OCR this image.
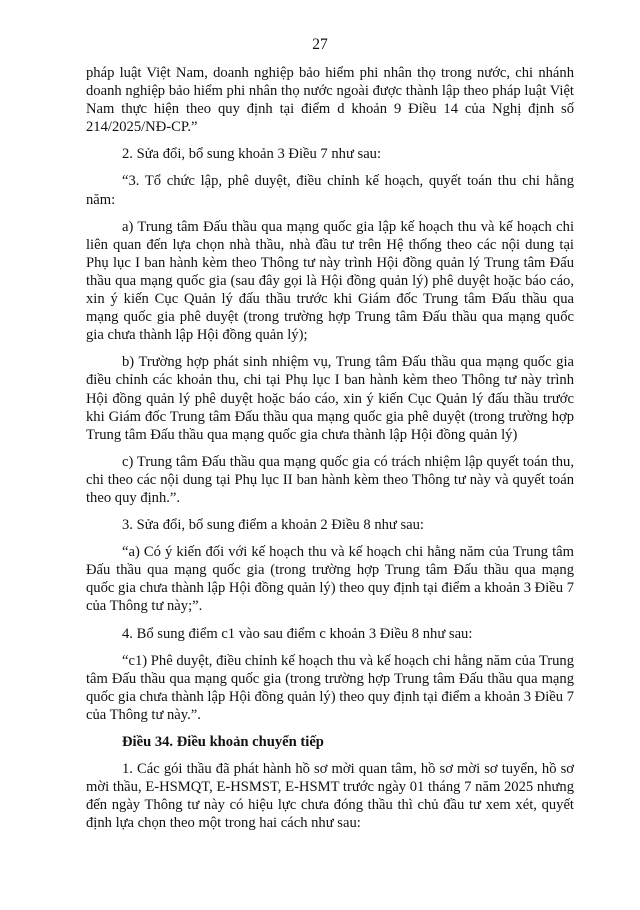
27

pháp luật Việt Nam, doanh nghiệp bảo hiểm phi nhân thọ trong nước, chi nhánh doanh nghiệp bảo hiểm phi nhân thọ nước ngoài được thành lập theo pháp luật Việt Nam thực hiện theo quy định tại điểm d khoản 9 Điều 14 của Nghị định số 214/2025/NĐ-CP.”

2. Sửa đổi, bổ sung khoản 3 Điều 7 như sau:

“3. Tổ chức lập, phê duyệt, điều chỉnh kế hoạch, quyết toán thu chi hằng năm:

a) Trung tâm Đấu thầu qua mạng quốc gia lập kế hoạch thu và kế hoạch chi liên quan đến lựa chọn nhà thầu, nhà đầu tư trên Hệ thống theo các nội dung tại Phụ lục I ban hành kèm theo Thông tư này trình Hội đồng quản lý Trung tâm Đấu thầu qua mạng quốc gia (sau đây gọi là Hội đồng quản lý) phê duyệt hoặc báo cáo, xin ý kiến Cục Quản lý đấu thầu trước khi Giám đốc Trung tâm Đấu thầu qua mạng quốc gia phê duyệt (trong trường hợp Trung tâm Đấu thầu qua mạng quốc gia chưa thành lập Hội đồng quản lý);

b) Trường hợp phát sinh nhiệm vụ, Trung tâm Đấu thầu qua mạng quốc gia điều chỉnh các khoản thu, chi tại Phụ lục I ban hành kèm theo Thông tư này trình Hội đồng quản lý phê duyệt hoặc báo cáo, xin ý kiến Cục Quản lý đấu thầu trước khi Giám đốc Trung tâm Đấu thầu qua mạng quốc gia phê duyệt (trong trường hợp Trung tâm Đấu thầu qua mạng quốc gia chưa thành lập Hội đồng quản lý)

c) Trung tâm Đấu thầu qua mạng quốc gia có trách nhiệm lập quyết toán thu, chi theo các nội dung tại Phụ lục II ban hành kèm theo Thông tư này và quyết toán theo quy định.”.

3. Sửa đổi, bổ sung điểm a khoản 2 Điều 8 như sau:

“a) Có ý kiến đối với kế hoạch thu và kế hoạch chi hằng năm của Trung tâm Đấu thầu qua mạng quốc gia (trong trường hợp Trung tâm Đấu thầu qua mạng quốc gia chưa thành lập Hội đồng quản lý) theo quy định tại điểm a khoản 3 Điều 7 của Thông tư này;”.

4. Bổ sung điểm c1 vào sau điểm c khoản 3 Điều 8 như sau:

“c1) Phê duyệt, điều chỉnh kế hoạch thu và kế hoạch chi hằng năm của Trung tâm Đấu thầu qua mạng quốc gia (trong trường hợp Trung tâm Đấu thầu qua mạng quốc gia chưa thành lập Hội đồng quản lý) theo quy định tại điểm a khoản 3 Điều 7 của Thông tư này.”.

Điều 34. Điều khoản chuyển tiếp

1. Các gói thầu đã phát hành hồ sơ mời quan tâm, hồ sơ mời sơ tuyển, hồ sơ mời thầu, E-HSMQT, E-HSMST, E-HSMT trước ngày 01 tháng 7 năm 2025 nhưng đến ngày Thông tư này có hiệu lực chưa đóng thầu thì chủ đầu tư xem xét, quyết định lựa chọn theo một trong hai cách như sau:
